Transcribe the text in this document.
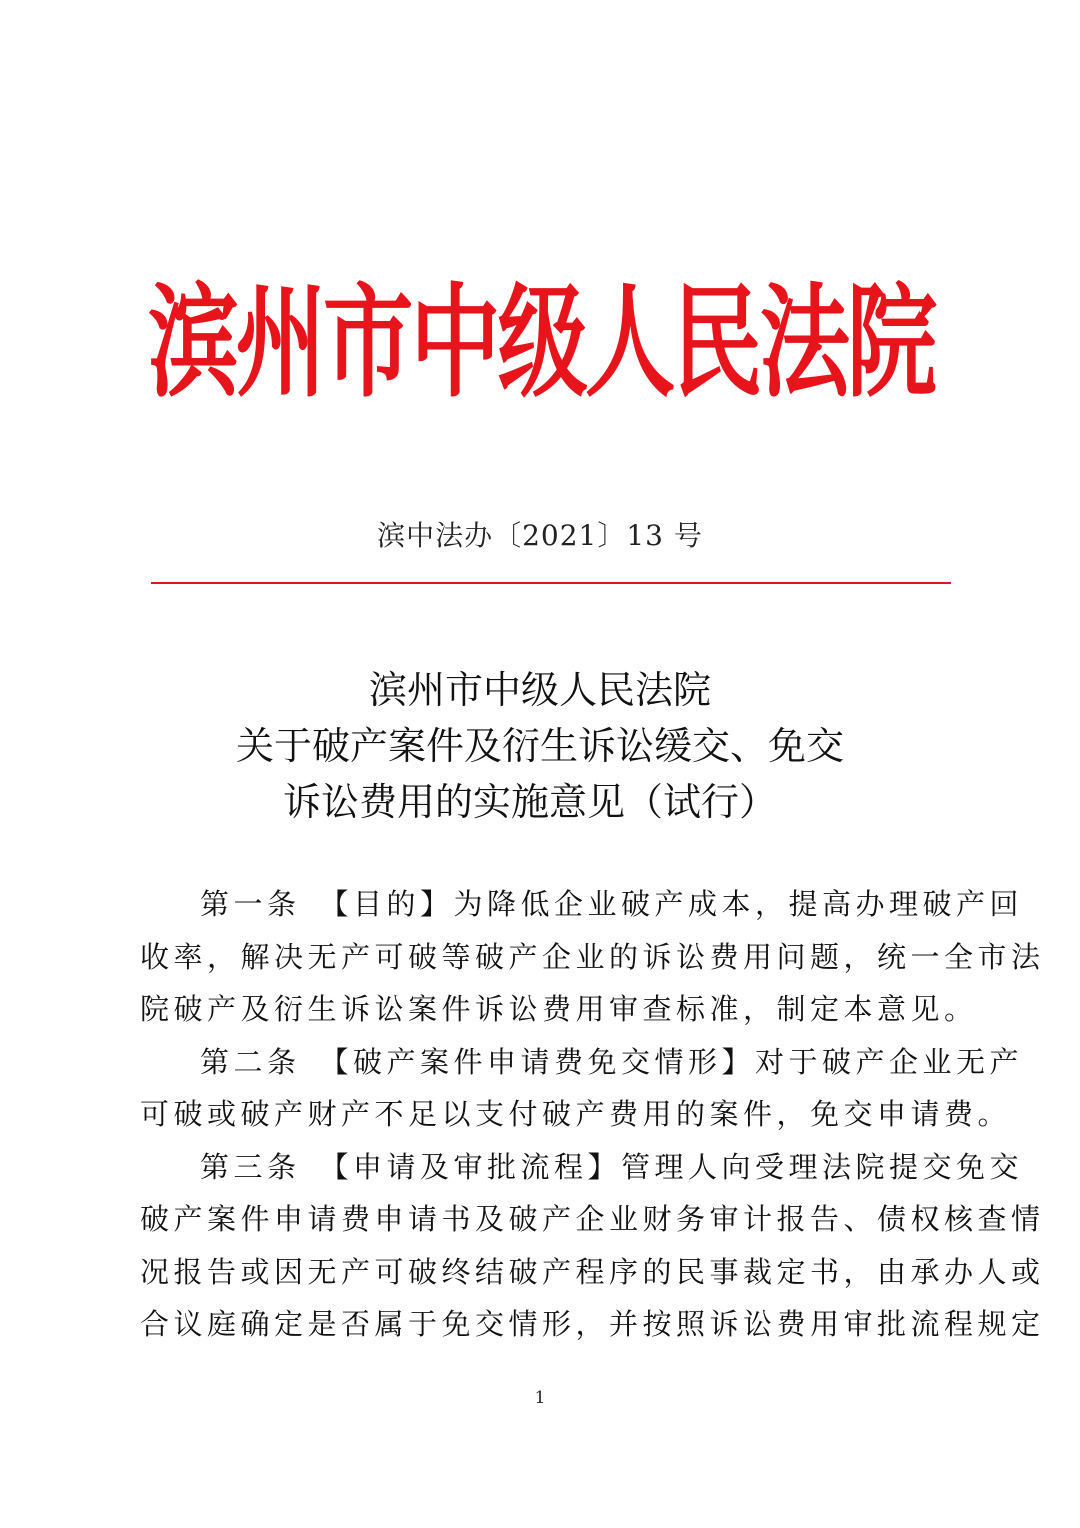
滨州市中级人民法院
滨中法办〔2021〕13 号
滨州市中级人民法院
关于破产案件及衍生诉讼缓交、免交
诉讼费用的实施意见（试行）
第一条　【目的】为降低企业破产成本，提高办理破产回
收率，解决无产可破等破产企业的诉讼费用问题，统一全市法
院破产及衍生诉讼案件诉讼费用审查标准，制定本意见。
第二条　【破产案件申请费免交情形】对于破产企业无产
可破或破产财产不足以支付破产费用的案件，免交申请费。
第三条　【申请及审批流程】管理人向受理法院提交免交
破产案件申请费申请书及破产企业财务审计报告、债权核查情
况报告或因无产可破终结破产程序的民事裁定书，由承办人或
合议庭确定是否属于免交情形，并按照诉讼费用审批流程规定
1
